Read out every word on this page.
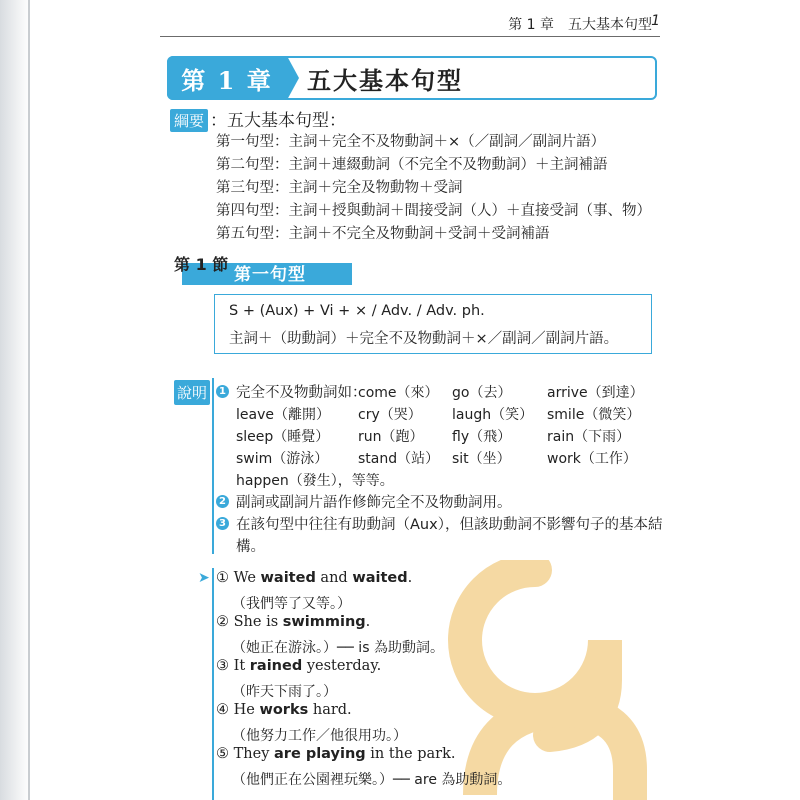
第 1 章　五大基本句型 1
第 1 章	五大基本句型
綱要 ：五大基本句型：
第一句型：主詞＋完全不及物動詞＋×（／副詞／副詞片語）
第二句型：主詞＋連綴動詞（不完全不及物動詞）＋主詞補語
第三句型：主詞＋完全及物動物＋受詞
第四句型：主詞＋授與動詞＋間接受詞（人）＋直接受詞（事、物）
第五句型：主詞＋不完全及物動詞＋受詞＋受詞補語
第 1 節
第一句型
S + (Aux) + Vi + × / Adv. / Adv. ph.
主詞＋（助動詞）＋完全不及物動詞＋×／副詞／副詞片語。
說明	1 完全不及物動詞如：
come（來） go（去）	arrive（到達）
leave（離開） cry（哭） laugh（笑） smile（微笑）
sleep（睡覺） run（跑） fly（飛）	rain（下雨）
swim（游泳） stand（站） sit（坐）	work（工作）
happen（發生），等等。
2 副詞或副詞片語作修飾完全不及物動詞用。
3 在該句型中往往有助動詞（Aux），但該助動詞不影響句子的基本結
構。
➤ ① We waited and waited.
（我們等了又等。）
② She is swimming.
（她正在游泳。）── is 為助動詞。
③ It rained yesterday.
（昨天下雨了。）
④ He works hard.
（他努力工作／他很用功。）
⑤ They are playing in the park.
（他們正在公園裡玩樂。）── are 為助動詞。
